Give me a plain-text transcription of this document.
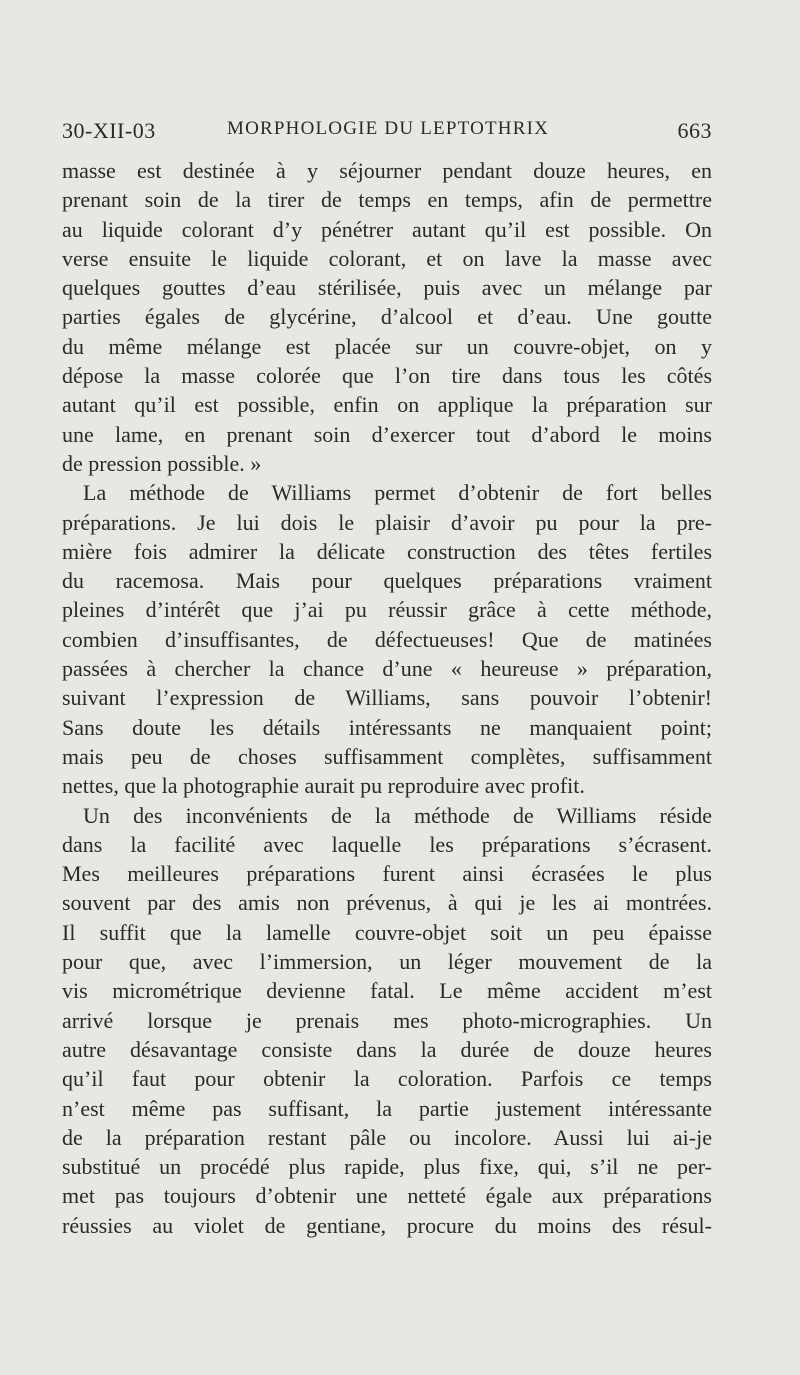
30-XII-03	MORPHOLOGIE DU LEPTOTHRIX	663
masse est destinée à y séjourner pendant douze heures, en
prenant soin de la tirer de temps en temps, afin de permettre
au liquide colorant d’y pénétrer autant qu’il est possible. On
verse ensuite le liquide colorant, et on lave la masse avec
quelques gouttes d’eau stérilisée, puis avec un mélange par
parties égales de glycérine, d’alcool et d’eau. Une goutte
du même mélange est placée sur un couvre-objet, on y
dépose la masse colorée que l’on tire dans tous les côtés
autant qu’il est possible, enfin on applique la préparation sur
une lame, en prenant soin d’exercer tout d’abord le moins
de pression possible. »
La méthode de Williams permet d’obtenir de fort belles
préparations. Je lui dois le plaisir d’avoir pu pour la pre-
mière fois admirer la délicate construction des têtes fertiles
du racemosa. Mais pour quelques préparations vraiment
pleines d’intérêt que j’ai pu réussir grâce à cette méthode,
combien d’insuffisantes, de défectueuses! Que de matinées
passées à chercher la chance d’une « heureuse » préparation,
suivant l’expression de Williams, sans pouvoir l’obtenir!
Sans doute les détails intéressants ne manquaient point;
mais peu de choses suffisamment complètes, suffisamment
nettes, que la photographie aurait pu reproduire avec profit.
Un des inconvénients de la méthode de Williams réside
dans la facilité avec laquelle les préparations s’écrasent.
Mes meilleures préparations furent ainsi écrasées le plus
souvent par des amis non prévenus, à qui je les ai montrées.
Il suffit que la lamelle couvre-objet soit un peu épaisse
pour que, avec l’immersion, un léger mouvement de la
vis micrométrique devienne fatal. Le même accident m’est
arrivé lorsque je prenais mes photo-micrographies. Un
autre désavantage consiste dans la durée de douze heures
qu’il faut pour obtenir la coloration. Parfois ce temps
n’est même pas suffisant, la partie justement intéressante
de la préparation restant pâle ou incolore. Aussi lui ai-je
substitué un procédé plus rapide, plus fixe, qui, s’il ne per-
met pas toujours d’obtenir une netteté égale aux préparations
réussies au violet de gentiane, procure du moins des résul-
